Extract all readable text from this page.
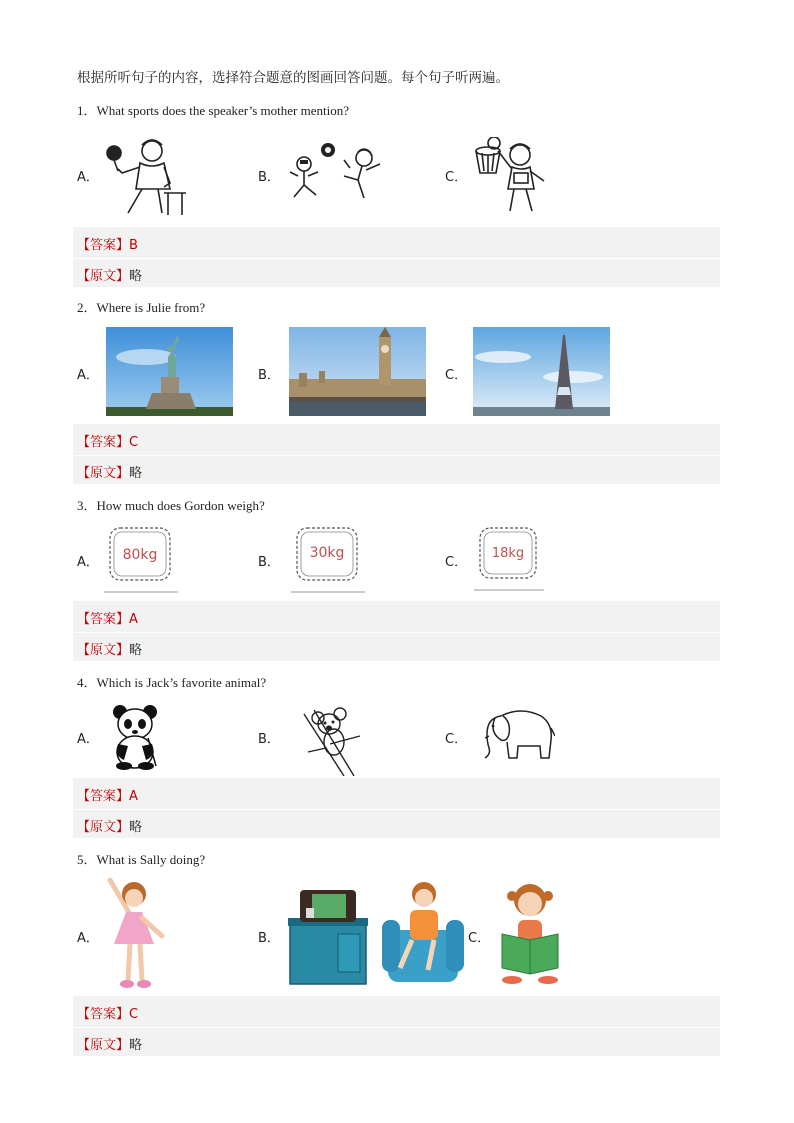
根据所听句子的内容，选择符合题意的图画回答问题。每个句子听两遍。
1．What sports does the speaker’s mother mention?
A．	B．	C．
【答案】B
【原文】略
2．Where is Julie from?
A．	B．	C．
【答案】C
【原文】略
3．How much does Gordon weigh?
A．	B．	C．
80kg	30kg	18kg
【答案】A
【原文】略
4．Which is Jack’s favorite animal?
A．	B．	C．
【答案】A
【原文】略
5．What is Sally doing?
A．	B．	C．
【答案】C
【原文】略
